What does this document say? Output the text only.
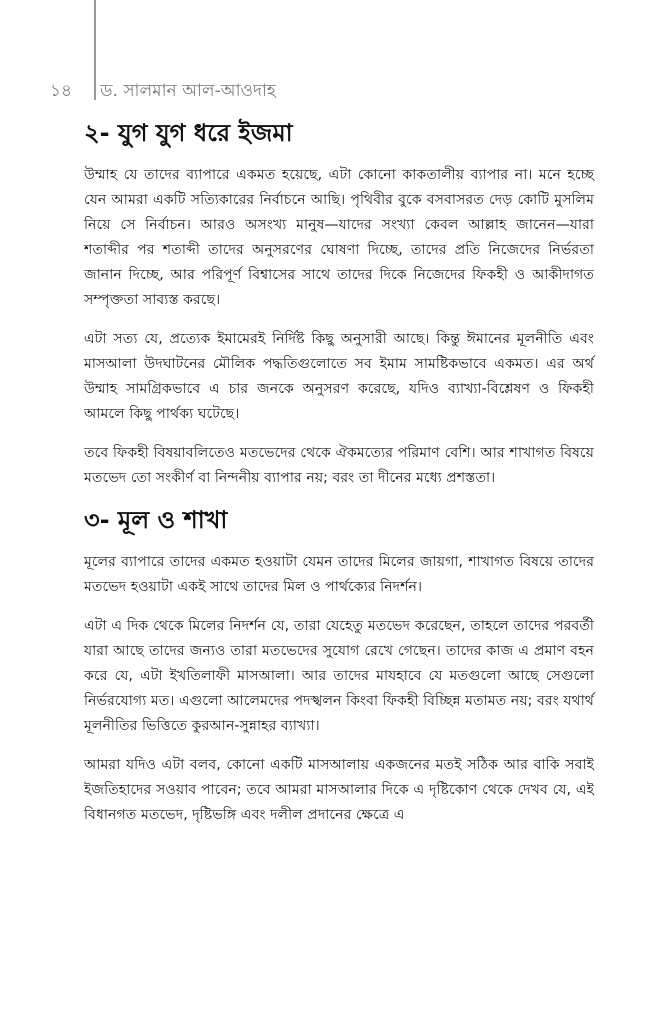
১৪	ড. সালমান আল-আওদাহ
২- যুগ যুগ ধরে ইজমা

উম্মাহ যে তাদের ব্যাপারে একমত হয়েছে, এটা কোনো কাকতালীয় ব্যাপার না। মনে হচ্ছে যেন আমরা একটি সত্যিকারের নির্বাচনে আছি। পৃথিবীর বুকে বসবাসরত দেড় কোটি মুসলিম নিয়ে সে নির্বাচন। আরও অসংখ্য মানুষ—যাদের সংখ্যা কেবল আল্লাহ জানেন—যারা শতাব্দীর পর শতাব্দী তাদের অনুসরণের ঘোষণা দিচ্ছে, তাদের প্রতি নিজেদের নির্ভরতা জানান দিচ্ছে, আর পরিপূর্ণ বিশ্বাসের সাথে তাদের দিকে নিজেদের ফিকহী ও আকীদাগত সম্পৃক্ততা সাব্যস্ত করছে।

এটা সত্য যে, প্রত্যেক ইমামেরই নির্দিষ্ট কিছু অনুসারী আছে। কিন্তু ঈমানের মূলনীতি এবং মাসআলা উদঘাটনের মৌলিক পদ্ধতিগুলোতে সব ইমাম সামষ্টিকভাবে একমত। এর অর্থ উম্মাহ সামগ্রিকভাবে এ চার জনকে অনুসরণ করেছে, যদিও ব্যাখ্যা-বিশ্লেষণ ও ফিকহী আমলে কিছু পার্থক্য ঘটেছে।

তবে ফিকহী বিষয়াবলিতেও মতভেদের থেকে ঐকমত্যের পরিমাণ বেশি। আর শাখাগত বিষয়ে মতভেদ তো সংকীর্ণ বা নিন্দনীয় ব্যাপার নয়; বরং তা দীনের মধ্যে প্রশস্ততা।

৩- মূল ও শাখা

মূলের ব্যাপারে তাদের একমত হওয়াটা যেমন তাদের মিলের জায়গা, শাখাগত বিষয়ে তাদের মতভেদ হওয়াটা একই সাথে তাদের মিল ও পার্থক্যের নিদর্শন।

এটা এ দিক থেকে মিলের নিদর্শন যে, তারা যেহেতু মতভেদ করেছেন, তাহলে তাদের পরবর্তী যারা আছে তাদের জন্যও তারা মতভেদের সুযোগ রেখে গেছেন। তাদের কাজ এ প্রমাণ বহন করে যে, এটা ইখতিলাফী মাসআলা। আর তাদের মাযহাবে যে মতগুলো আছে সেগুলো নির্ভরযোগ্য মত। এগুলো আলেমদের পদস্খলন কিংবা ফিকহী বিচ্ছিন্ন মতামত নয়; বরং যথার্থ মূলনীতির ভিত্তিতে কুরআন-সুন্নাহর ব্যাখ্যা।

আমরা যদিও এটা বলব, কোনো একটি মাসআলায় একজনের মতই সঠিক আর বাকি সবাই ইজতিহাদের সওয়াব পাবেন; তবে আমরা মাসআলার দিকে এ দৃষ্টিকোণ থেকে দেখব যে, এই বিধানগত মতভেদ, দৃষ্টিভঙ্গি এবং দলীল প্রদানের ক্ষেত্রে এ
